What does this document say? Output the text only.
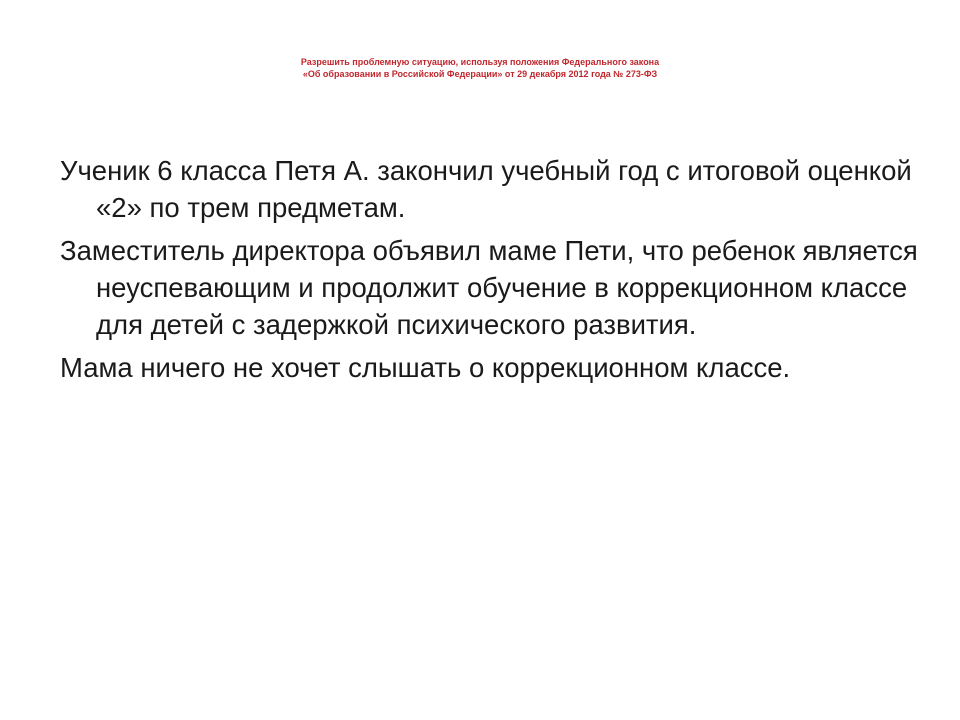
Разрешить проблемную ситуацию, используя положения Федерального закона
«Об образовании в Российской Федерации» от 29 декабря 2012 года № 273-ФЗ

Ученик 6 класса Петя А. закончил учебный год с итоговой оценкой «2» по трем предметам.

Заместитель директора объявил маме Пети, что ребенок является неуспевающим и продолжит обучение в коррекционном классе для детей с задержкой психического развития.

Мама ничего не хочет слышать о коррекционном классе.
